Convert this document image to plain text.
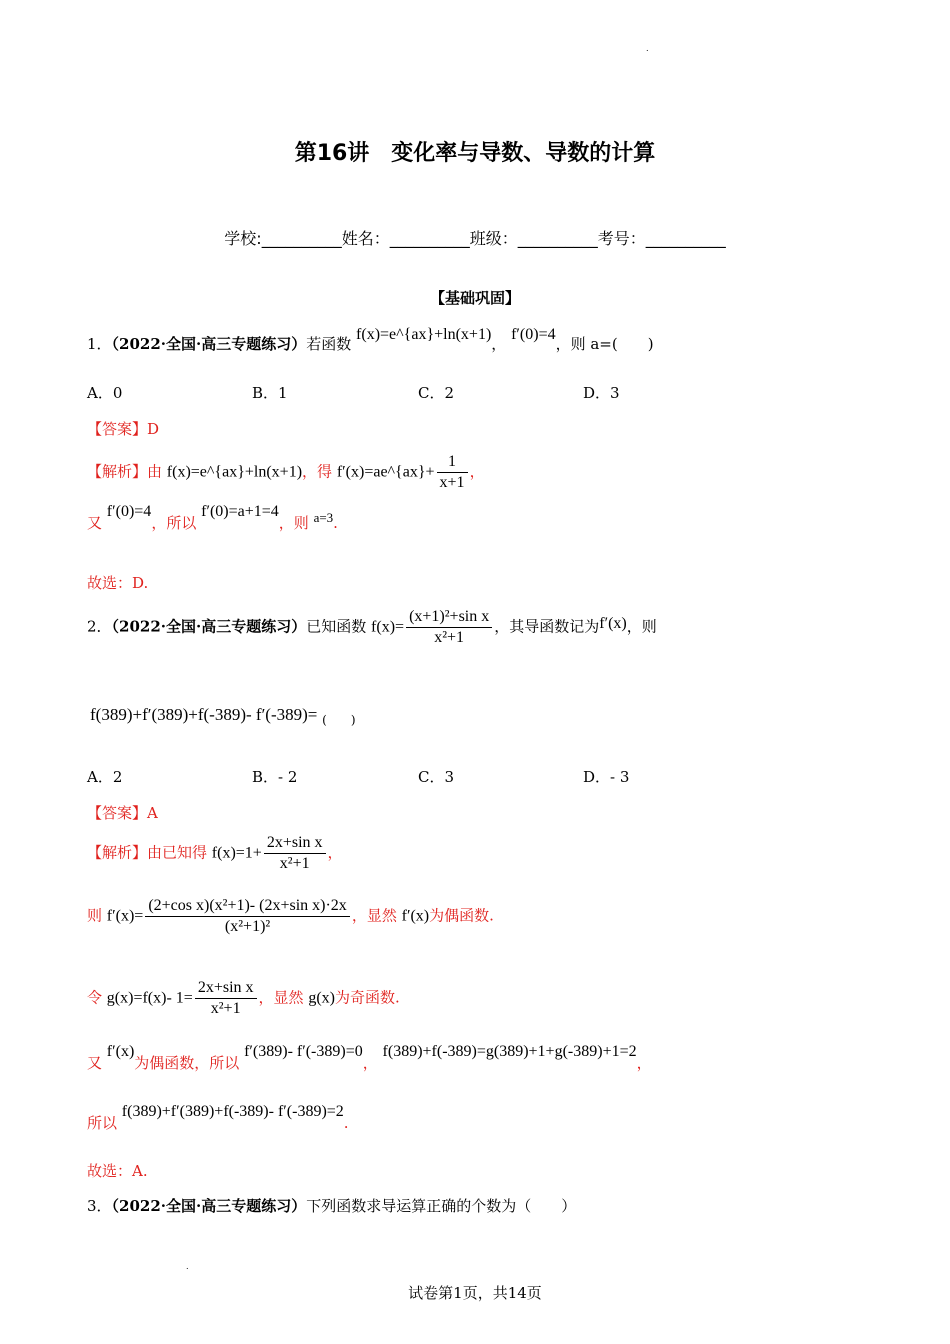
.
第16讲　变化率与导数、导数的计算
学校:__________姓名：__________班级：__________考号：__________
【基础巩固】
1．（2022·全国·高三专题练习）若函数 f(x)=e^{ax}+ln(x+1)， f′(0)=4，则 a=(　　)
A．0	B．1	C．2	D．3
【答案】D
【解析】由 f(x)=e^{ax}+ln(x+1)，得 f′(x)=ae^{ax}+ $\frac{1}{x+1}$ ，
又 f′(0)=4，所以 f′(0)=a+1=4，则 a=3.
故选：D.
2．（2022·全国·高三专题练习）已知函数 $f(x)= \frac{\text{(x+1)²+sin x}}{\text{x²+1}}$ ，其导函数记为f′(x)，则
f(389)+f′(389)+f(-389)- f′(-389)= $_{( )}$
A．2	B．- 2	C．3	D．- 3
【答案】A
【解析】由已知得 $f(x)=1+ \frac{\text{2x+sin x}}{\text{x²+1}}$ ，
则 $f'(x)= \frac{\text{(2+cos x)(x²+1)- (2x+sin x)·2x}}{\text{(x²+1)²}}$ ，显然 f′(x)为偶函数.
令 g(x)=f(x)- $1= \frac{\text{2x+sin x}}{\text{x²+1}}$ ，显然 g(x)为奇函数.
又 f′(x)为偶函数，所以 f′(389)- f′(-389)=0， f(389)+f(-389)=g(389)+1+g(-389)+1=2，
所以 f(389)+f′(389)+f(-389)- f′(-389)=2.
故选：A.
3．（2022·全国·高三专题练习）下列函数求导运算正确的个数为（　　）
.
试卷第1页，共14页
